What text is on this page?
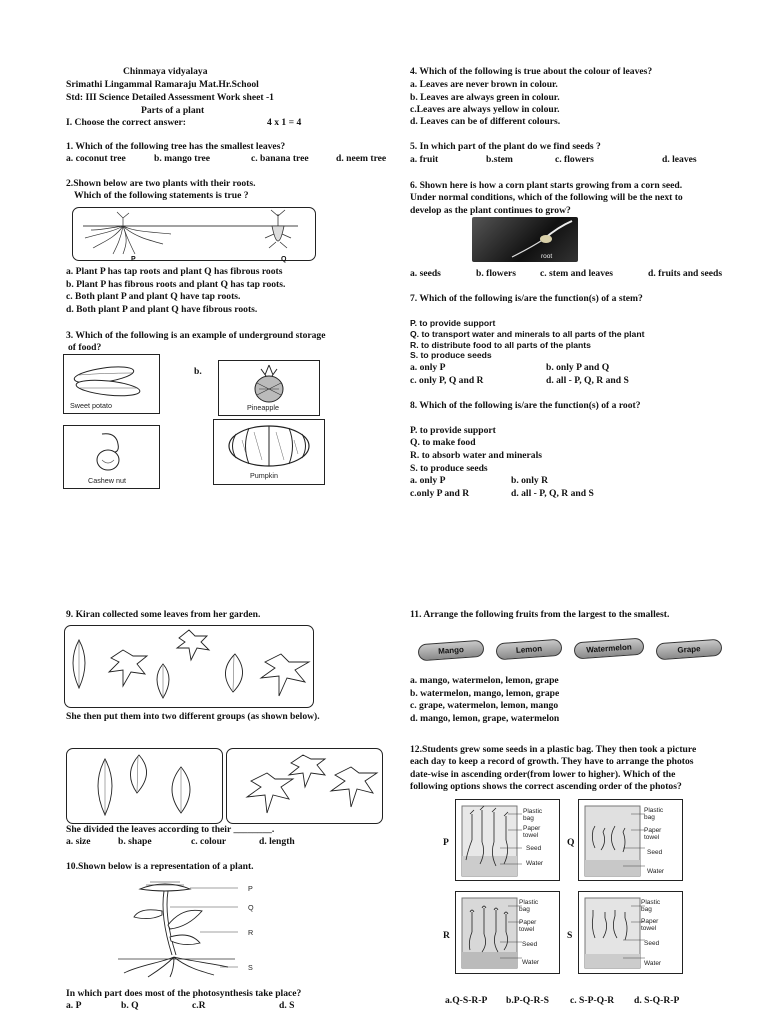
Chinmaya vidyalaya
Srimathi Lingammal Ramaraju Mat.Hr.School
Std: III Science Detailed Assessment Work sheet -1
Parts of a plant
I. Choose the correct answer:	4 x 1 = 4
1. Which of the following tree has the smallest leaves?
a. coconut tree	b. mango tree	c. banana tree	d. neem tree
2.Shown below are two plants with their roots.
Which of the following statements is true ?
P	Q
a. Plant P has tap roots and plant Q has fibrous roots
b. Plant P has fibrous roots and plant Q has tap roots.
c. Both plant P and plant Q have tap roots.
d. Both plant P and plant Q have fibrous roots.
3. Which of the following is an example of underground storage
of food?
Sweet potato
b.
Pineapple
Cashew nut
Pumpkin
9. Kiran collected some leaves from her garden.
She then put them into two different groups (as shown below).
She divided the leaves according to their ________.
a. size	b. shape	c. colour	d. length
10.Shown below is a representation of a plant.
P
Q
R
S
In which part does most of the photosynthesis take place?
a. P	b. Q	c.R	d. S
4. Which of the following is true about the colour of leaves?
a. Leaves are never brown in colour.
b. Leaves are always green in colour.
c.Leaves are always yellow in colour.
d. Leaves can be of different colours.
5. In which part of the plant do we find seeds ?
a. fruit	b.stem	c. flowers	d. leaves
6. Shown here is how a corn plant starts growing from a corn seed.
Under normal conditions, which of the following will be the next to
develop as the plant continues to grow?
root
a. seeds	b. flowers	c. stem and leaves	d. fruits and seeds
7. Which of the following is/are the function(s) of a stem?
P. to provide support
Q. to transport water and minerals to all parts of the plant
R. to distribute food to all parts of the plants
S. to produce seeds
a. only P	b. only P and Q
c. only P, Q and R	d. all - P, Q, R and S
8. Which of the following is/are the function(s) of a root?
P. to provide support
Q. to make food
R. to absorb water and minerals
S. to produce seeds
a. only P	b. only R
c.only P and R	d. all - P, Q, R and S
11. Arrange the following fruits from the largest to the smallest.
Mango	Lemon	Watermelon	Grape
a. mango, watermelon, lemon, grape
b. watermelon, mango, lemon, grape
c. grape, watermelon, lemon, mango
d. mango, lemon, grape, watermelon
12.Students grew some seeds in a plastic bag. They then took a picture
each day to keep a record of growth. They have to arrange the photos
date-wise in ascending order(from lower to higher). Which of the
following options shows the correct ascending order of the photos?
P
Plastic
bag
Paper
towel
Seed
Water
Q
Plastic
bag
Paper
towel
Seed
Water
R
Plastic
bag
Paper
towel
Seed
Water
S
Plastic
bag
Paper
towel
Seed
Water
a.Q-S-R-P b.P-Q-R-S c. S-P-Q-R d. S-Q-R-P
